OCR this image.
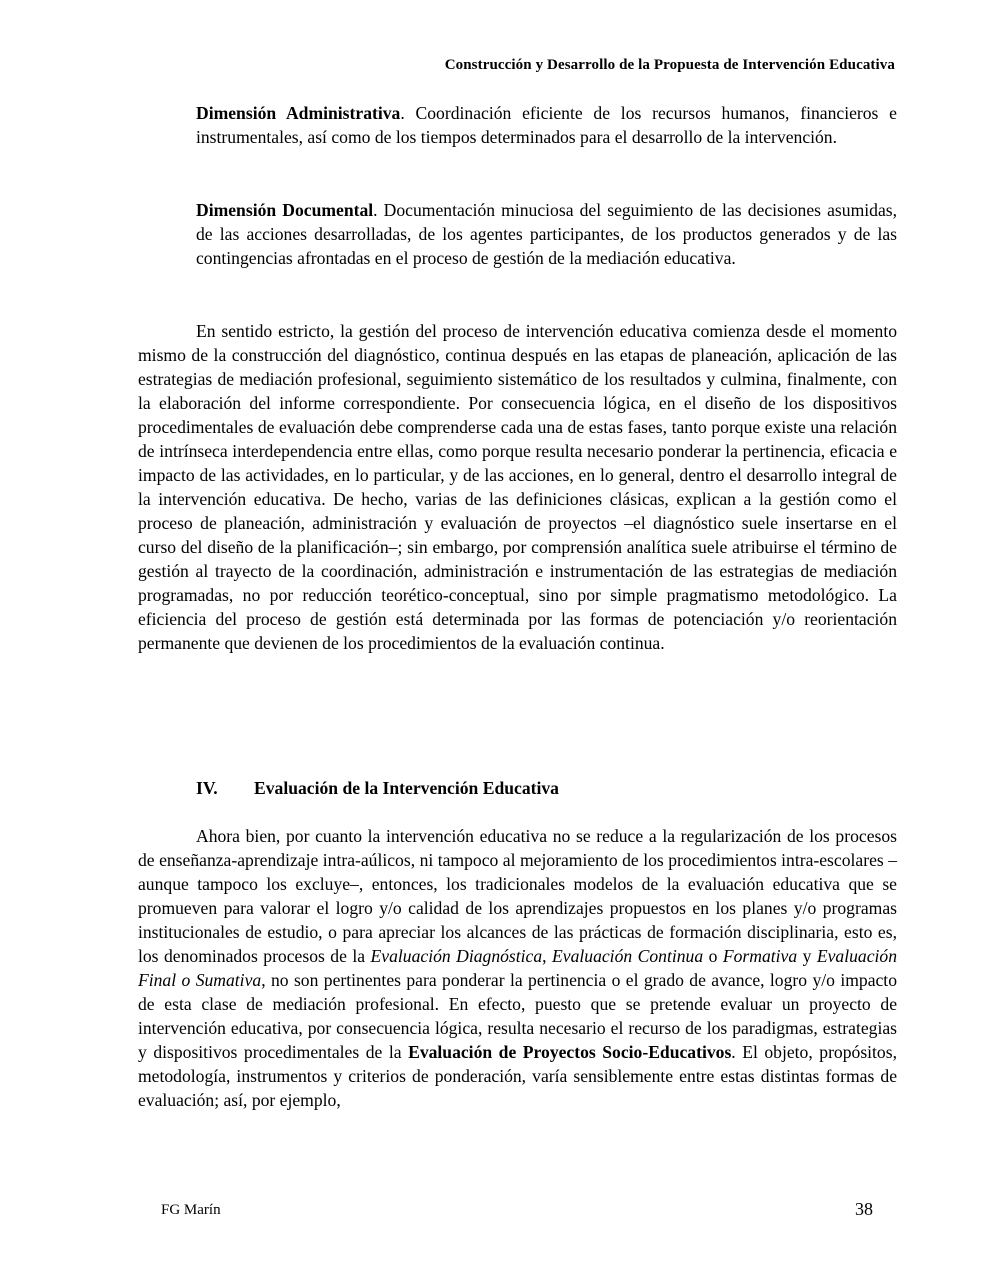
Construcción y Desarrollo de la Propuesta de Intervención Educativa
Dimensión Administrativa. Coordinación eficiente de los recursos humanos, financieros e instrumentales, así como de los tiempos determinados para el desarrollo de la intervención.
Dimensión Documental. Documentación minuciosa del seguimiento de las decisiones asumidas, de las acciones desarrolladas, de los agentes participantes, de los productos generados y de las contingencias afrontadas en el proceso de gestión de la mediación educativa.
En sentido estricto, la gestión del proceso de intervención educativa comienza desde el momento mismo de la construcción del diagnóstico, continua después en las etapas de planeación, aplicación de las estrategias de mediación profesional, seguimiento sistemático de los resultados y culmina, finalmente, con la elaboración del informe correspondiente. Por consecuencia lógica, en el diseño de los dispositivos procedimentales de evaluación debe comprenderse cada una de estas fases, tanto porque existe una relación de intrínseca interdependencia entre ellas, como porque resulta necesario ponderar la pertinencia, eficacia e impacto de las actividades, en lo particular, y de las acciones, en lo general, dentro el desarrollo integral de la intervención educativa. De hecho, varias de las definiciones clásicas, explican a la gestión como el proceso de planeación, administración y evaluación de proyectos –el diagnóstico suele insertarse en el curso del diseño de la planificación–; sin embargo, por comprensión analítica suele atribuirse el término de gestión al trayecto de la coordinación, administración e instrumentación de las estrategias de mediación programadas, no por reducción teorético-conceptual, sino por simple pragmatismo metodológico. La eficiencia del proceso de gestión está determinada por las formas de potenciación y/o reorientación permanente que devienen de los procedimientos de la evaluación continua.
IV. Evaluación de la Intervención Educativa
Ahora bien, por cuanto la intervención educativa no se reduce a la regularización de los procesos de enseñanza-aprendizaje intra-aúlicos, ni tampoco al mejoramiento de los procedimientos intra-escolares –aunque tampoco los excluye–, entonces, los tradicionales modelos de la evaluación educativa que se promueven para valorar el logro y/o calidad de los aprendizajes propuestos en los planes y/o programas institucionales de estudio, o para apreciar los alcances de las prácticas de formación disciplinaria, esto es, los denominados procesos de la Evaluación Diagnóstica, Evaluación Continua o Formativa y Evaluación Final o Sumativa, no son pertinentes para ponderar la pertinencia o el grado de avance, logro y/o impacto de esta clase de mediación profesional. En efecto, puesto que se pretende evaluar un proyecto de intervención educativa, por consecuencia lógica, resulta necesario el recurso de los paradigmas, estrategias y dispositivos procedimentales de la Evaluación de Proyectos Socio-Educativos. El objeto, propósitos, metodología, instrumentos y criterios de ponderación, varía sensiblemente entre estas distintas formas de evaluación; así, por ejemplo,
FG Marín	38
